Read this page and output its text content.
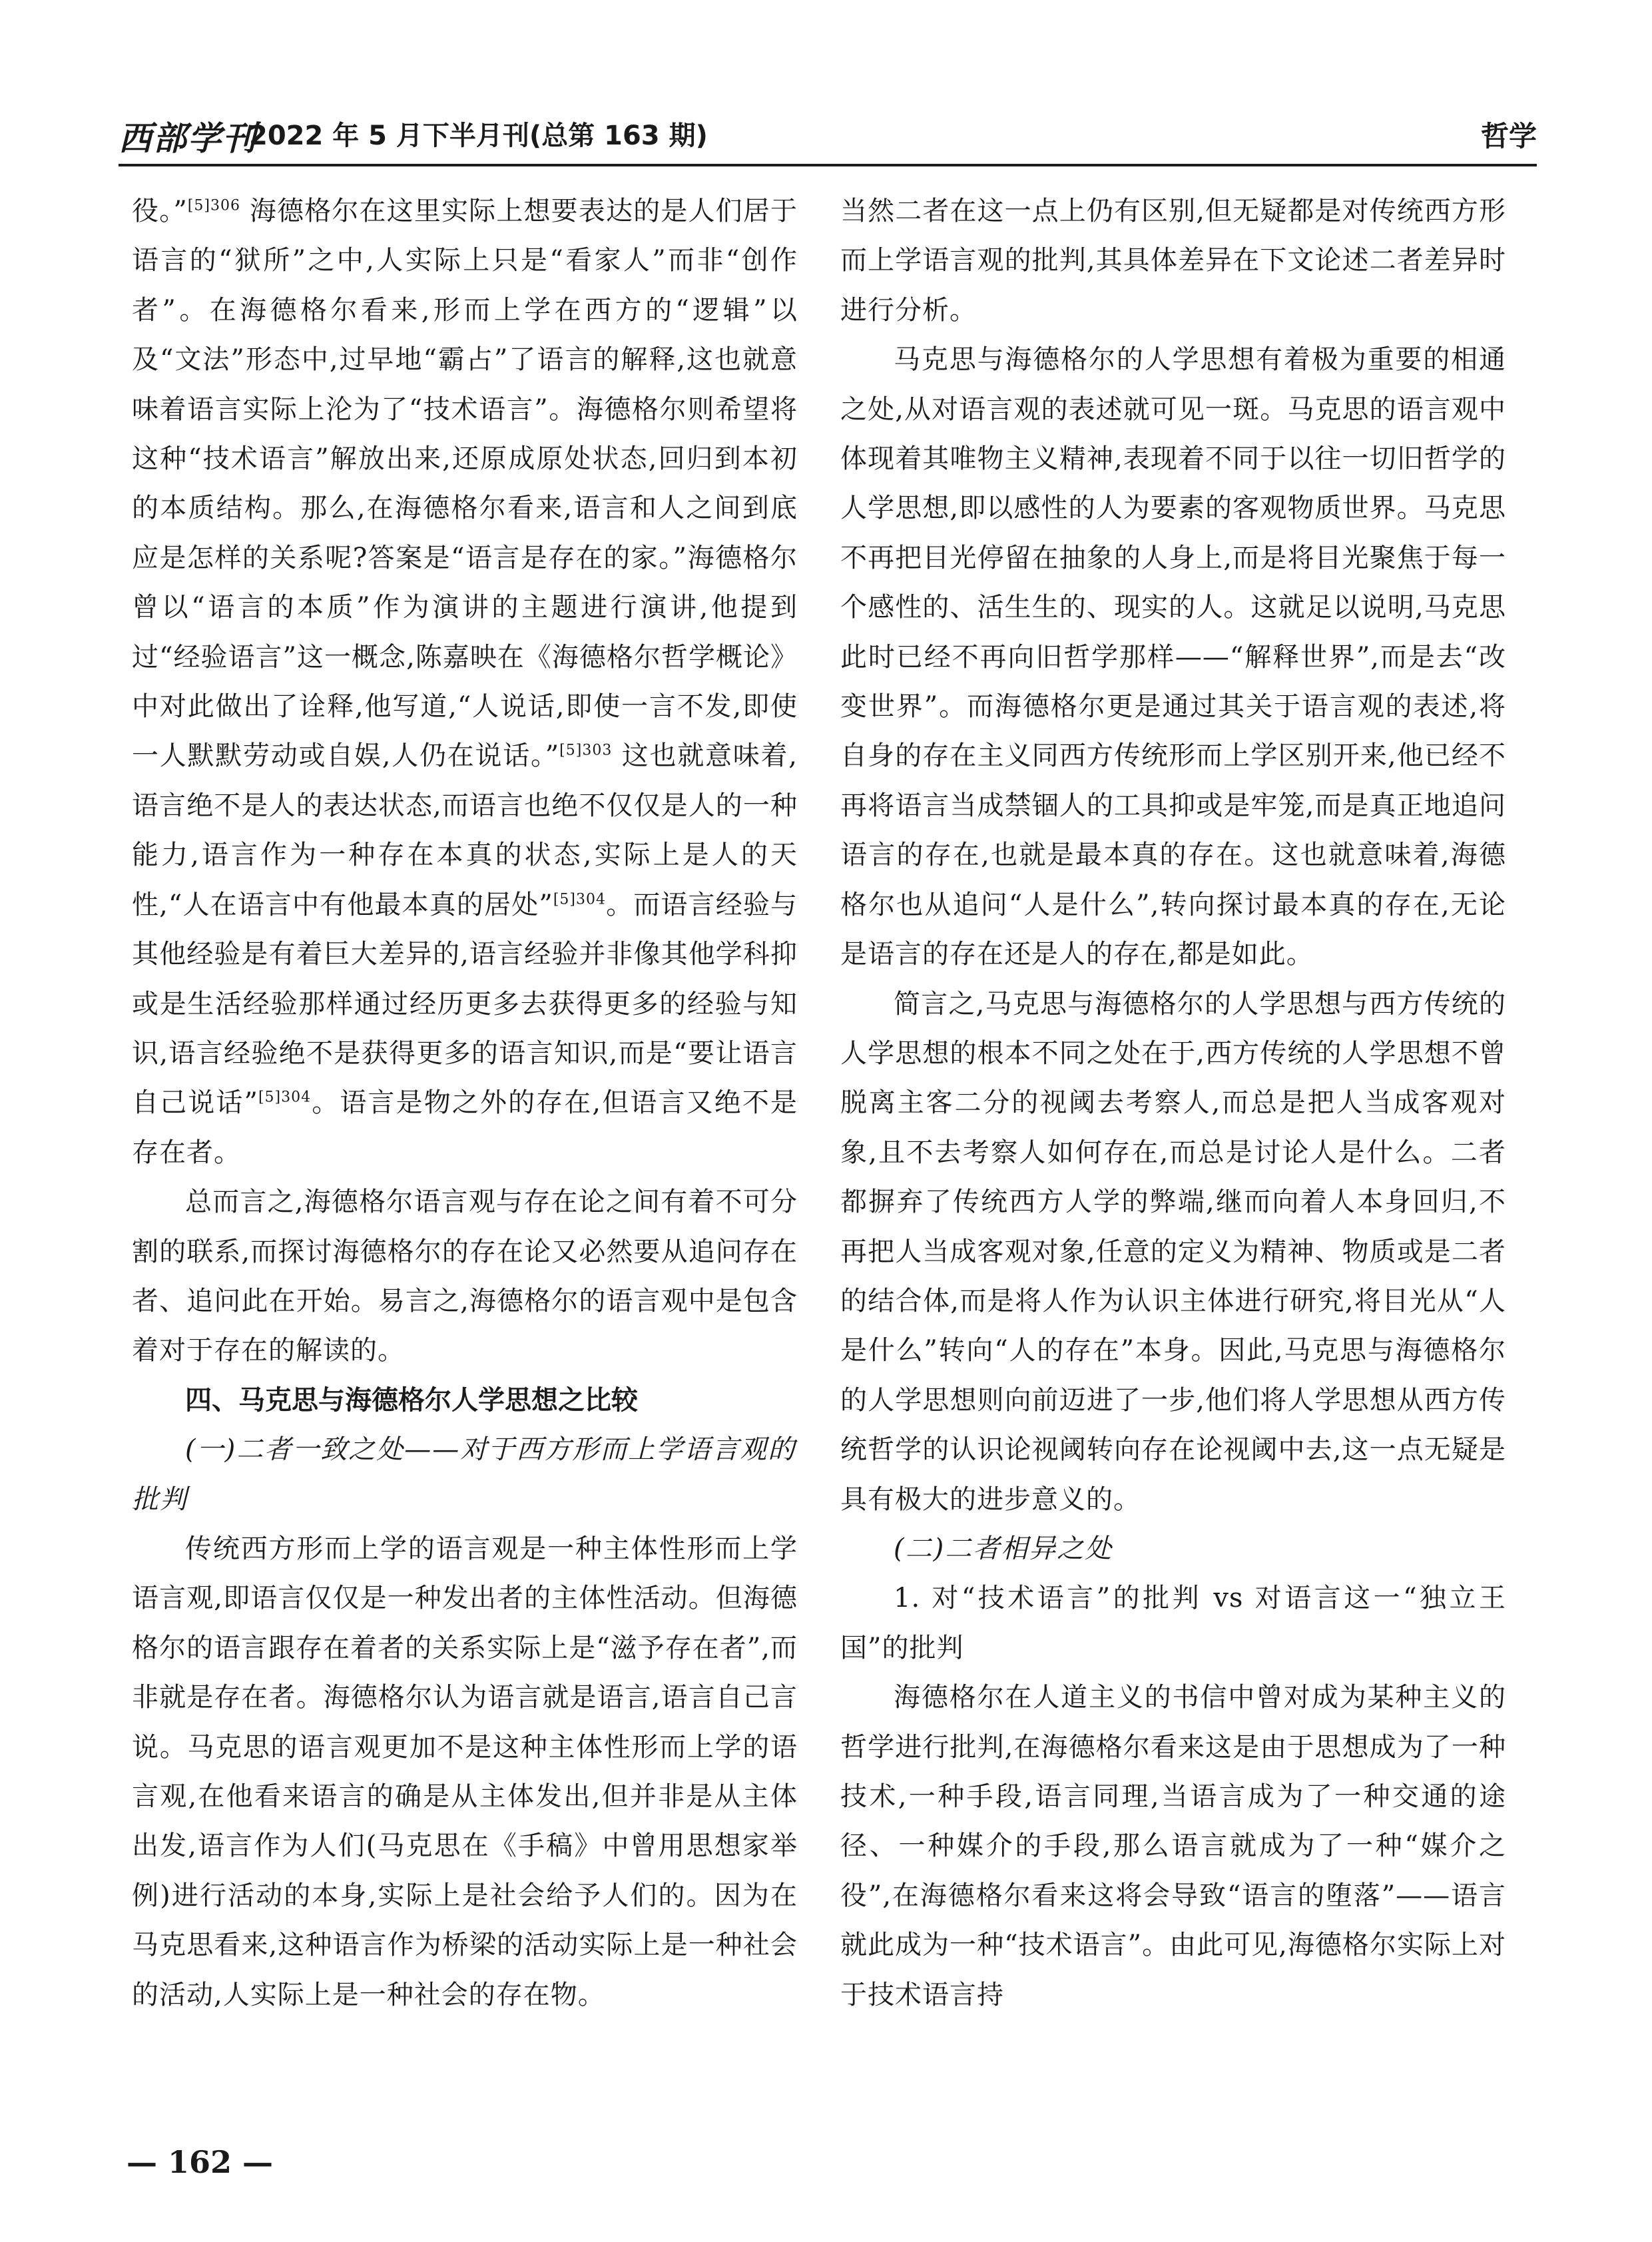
西部学刊
2022 年 5 月下半月刊(总第 163 期)	哲学

役。”$^{[5]306}$ 海德格尔在这里实际上想要表达的是人们居于语言的“狱所”之中,人实际上只是“看家人”而非“创作者”。在海德格尔看来,形而上学在西方的“逻辑”以及“文法”形态中,过早地“霸占”了语言的解释,这也就意味着语言实际上沦为了“技术语言”。海德格尔则希望将这种“技术语言”解放出来,还原成原处状态,回归到本初的本质结构。那么,在海德格尔看来,语言和人之间到底应是怎样的关系呢?答案是“语言是存在的家。”海德格尔曾以“语言的本质”作为演讲的主题进行演讲,他提到过“经验语言”这一概念,陈嘉映在《海德格尔哲学概论》中对此做出了诠释,他写道,“人说话,即使一言不发,即使一人默默劳动或自娱,人仍在说话。”$^{[5]303}$ 这也就意味着,语言绝不是人的表达状态,而语言也绝不仅仅是人的一种能力,语言作为一种存在本真的状态,实际上是人的天性,“人在语言中有他最本真的居处”$^{[5]304}$。而语言经验与其他经验是有着巨大差异的,语言经验并非像其他学科抑或是生活经验那样通过经历更多去获得更多的经验与知识,语言经验绝不是获得更多的语言知识,而是“要让语言自己说话”$^{[5]304}$。语言是物之外的存在,但语言又绝不是存在者。

总而言之,海德格尔语言观与存在论之间有着不可分割的联系,而探讨海德格尔的存在论又必然要从追问存在者、追问此在开始。易言之,海德格尔的语言观中是包含着对于存在的解读的。

四、马克思与海德格尔人学思想之比较

(一)二者一致之处——对于西方形而上学语言观的批判

传统西方形而上学的语言观是一种主体性形而上学语言观,即语言仅仅是一种发出者的主体性活动。但海德格尔的语言跟存在着者的关系实际上是“滋予存在者”,而非就是存在者。海德格尔认为语言就是语言,语言自己言说。马克思的语言观更加不是这种主体性形而上学的语言观,在他看来语言的确是从主体发出,但并非是从主体出发,语言作为人们(马克思在《手稿》中曾用思想家举例)进行活动的本身,实际上是社会给予人们的。因为在马克思看来,这种语言作为桥梁的活动实际上是一种社会的活动,人实际上是一种社会的存在物。

当然二者在这一点上仍有区别,但无疑都是对传统西方形而上学语言观的批判,其具体差异在下文论述二者差异时进行分析。

马克思与海德格尔的人学思想有着极为重要的相通之处,从对语言观的表述就可见一斑。马克思的语言观中体现着其唯物主义精神,表现着不同于以往一切旧哲学的人学思想,即以感性的人为要素的客观物质世界。马克思不再把目光停留在抽象的人身上,而是将目光聚焦于每一个感性的、活生生的、现实的人。这就足以说明,马克思此时已经不再向旧哲学那样——“解释世界”,而是去“改变世界”。而海德格尔更是通过其关于语言观的表述,将自身的存在主义同西方传统形而上学区别开来,他已经不再将语言当成禁锢人的工具抑或是牢笼,而是真正地追问语言的存在,也就是最本真的存在。这也就意味着,海德格尔也从追问“人是什么”,转向探讨最本真的存在,无论是语言的存在还是人的存在,都是如此。

简言之,马克思与海德格尔的人学思想与西方传统的人学思想的根本不同之处在于,西方传统的人学思想不曾脱离主客二分的视阈去考察人,而总是把人当成客观对象,且不去考察人如何存在,而总是讨论人是什么。二者都摒弃了传统西方人学的弊端,继而向着人本身回归,不再把人当成客观对象,任意的定义为精神、物质或是二者的结合体,而是将人作为认识主体进行研究,将目光从“人是什么”转向“人的存在”本身。因此,马克思与海德格尔的人学思想则向前迈进了一步,他们将人学思想从西方传统哲学的认识论视阈转向存在论视阈中去,这一点无疑是具有极大的进步意义的。

(二)二者相异之处

1. 对“技术语言”的批判 vs 对语言这一“独立王国”的批判

海德格尔在人道主义的书信中曾对成为某种主义的哲学进行批判,在海德格尔看来这是由于思想成为了一种技术,一种手段,语言同理,当语言成为了一种交通的途径、一种媒介的手段,那么语言就成为了一种“媒介之役”,在海德格尔看来这将会导致“语言的堕落”——语言就此成为一种“技术语言”。由此可见,海德格尔实际上对于技术语言持

— 162 —
